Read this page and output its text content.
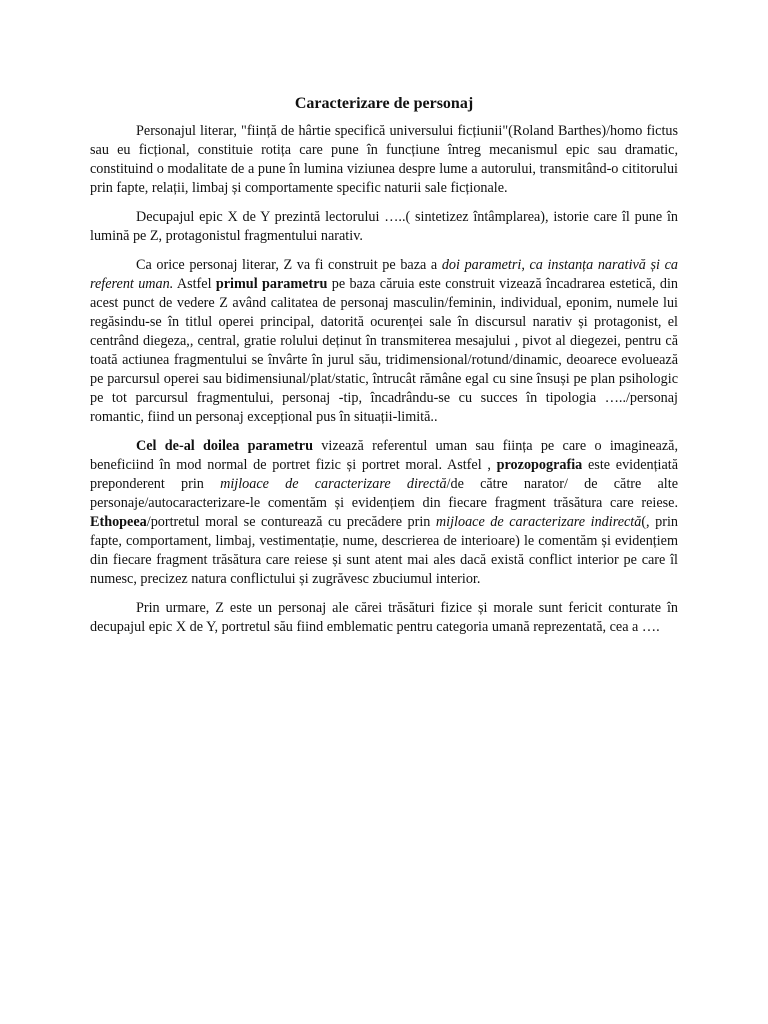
Caracterizare de personaj

Personajul literar, "ființă de hârtie specifică universului ficțiunii"(Roland Barthes)/homo fictus sau eu ficțional, constituie rotița care pune în funcțiune întreg mecanismul epic sau dramatic, constituind o modalitate de a pune în lumina viziunea despre lume a autorului, transmitând-o cititorului prin fapte, relații, limbaj și comportamente specific naturii sale ficționale.

Decupajul epic X de Y prezintă lectorului …..( sintetizez întâmplarea), istorie care îl pune în lumină pe Z, protagonistul fragmentului narativ.

Ca orice personaj literar, Z va fi construit pe baza a doi parametri, ca instanța narativă și ca referent uman. Astfel primul parametru pe baza căruia este construit vizează încadrarea estetică, din acest punct de vedere Z având calitatea de personaj masculin/feminin, individual, eponim, numele lui regăsindu-se în titlul operei principal, datorită ocurenței sale în discursul narativ și protagonist, el centrând diegeza,, central, gratie rolului deținut în transmiterea mesajului , pivot al diegezei, pentru că toată actiunea fragmentului se învârte în jurul său, tridimensional/rotund/dinamic, deoarece evoluează pe parcursul operei sau bidimensiunal/plat/static, întrucât rămâne egal cu sine însuși pe plan psihologic pe tot parcursul fragmentului, personaj -tip, încadrându-se cu succes în tipologia …../personaj romantic, fiind un personaj excepțional pus în situații-limită..

Cel de-al doilea parametru vizează referentul uman sau ființa pe care o imaginează, beneficiind în mod normal de portret fizic și portret moral. Astfel , prozopografia este evidențiată preponderent prin mijloace de caracterizare directă/de către narator/ de către alte personaje/autocaracterizare-le comentăm și evidențiem din fiecare fragment trăsătura care reiese. Ethopeea/portretul moral se conturează cu precădere prin mijloace de caracterizare indirectă(, prin fapte, comportament, limbaj, vestimentație, nume, descrierea de interioare) le comentăm și evidențiem din fiecare fragment trăsătura care reiese și sunt atent mai ales dacă există conflict interior pe care îl numesc, precizez natura conflictului și zugrăvesc zbuciumul interior.

Prin urmare, Z este un personaj ale cărei trăsături fizice și morale sunt fericit conturate în decupajul epic X de Y, portretul său fiind emblematic pentru categoria umană reprezentată, cea a ….
